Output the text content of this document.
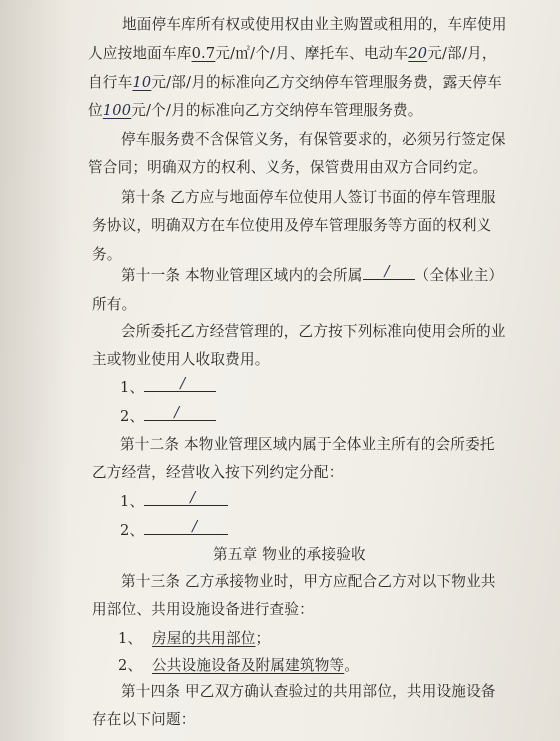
地面停车库所有权或使用权由业主购置或租用的，车库使用
人应按地面车库0.7元/㎡/个/月、摩托车、电动车20元/部/月，
自行车10元/部/月的标准向乙方交纳停车管理服务费，露天停车
位100元/个/月的标准向乙方交纳停车管理服务费。
停车服务费不含保管义务，有保管要求的，必须另行签定保
管合同；明确双方的权利、义务，保管费用由双方合同约定。
第十条 乙方应与地面停车位使用人签订书面的停车管理服
务协议，明确双方在车位使用及停车管理服务等方面的权利义
务。
第十一条 本物业管理区域内的会所属 / （全体业主）
所有。
会所委托乙方经营管理的，乙方按下列标准向使用会所的业
主或物业使用人收取费用。
1、 /
2、 /
第十二条 本物业管理区域内属于全体业主所有的会所委托
乙方经营，经营收入按下列约定分配：
1、	/
2、	/
第五章 物业的承接验收
第十三条 乙方承接物业时，甲方应配合乙方对以下物业共
用部位、共用设施设备进行查验：
1、 房屋的共用部位；
2、 公共设施设备及附属建筑物等。
第十四条 甲乙双方确认查验过的共用部位，共用设施设备
存在以下问题：
